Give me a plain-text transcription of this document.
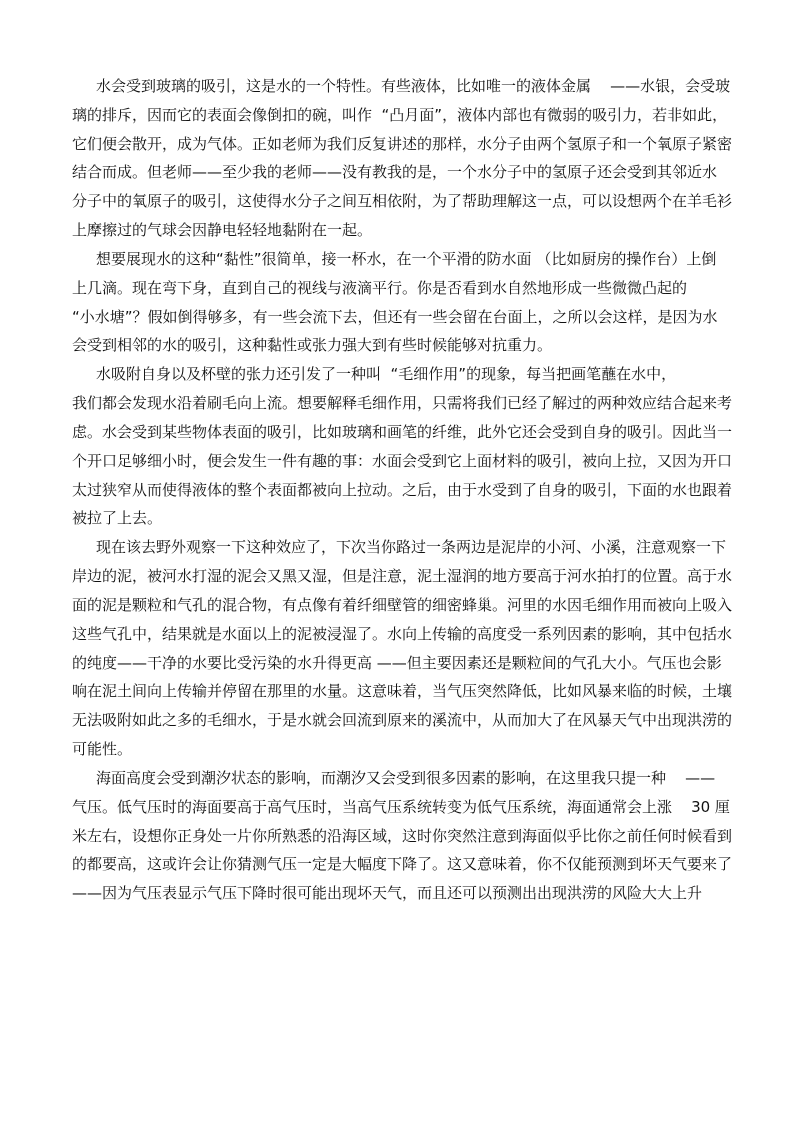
水会受到玻璃的吸引，这是水的一个特性。有些液体，比如唯一的液体金属    ——水银，会受玻
璃的排斥，因而它的表面会像倒扣的碗，叫作  “凸月面”，液体内部也有微弱的吸引力，若非如此，
它们便会散开，成为气体。正如老师为我们反复讲述的那样，水分子由两个氢原子和一个氧原子紧密
结合而成。但老师——至少我的老师——没有教我的是，一个水分子中的氢原子还会受到其邻近水
分子中的氧原子的吸引，这使得水分子之间互相依附，为了帮助理解这一点，可以设想两个在羊毛衫
上摩擦过的气球会因静电轻轻地黏附在一起。
想要展现水的这种“黏性”很简单，接一杯水，在一个平滑的防水面 （比如厨房的操作台）上倒
上几滴。现在弯下身，直到自己的视线与液滴平行。你是否看到水自然地形成一些微微凸起的
“小水塘”？假如倒得够多，有一些会流下去，但还有一些会留在台面上，之所以会这样，是因为水
会受到相邻的水的吸引，这种黏性或张力强大到有些时候能够对抗重力。
水吸附自身以及杯壁的张力还引发了一种叫  “毛细作用”的现象，每当把画笔蘸在水中，
我们都会发现水沿着刷毛向上流。想要解释毛细作用，只需将我们已经了解过的两种效应结合起来考
虑。水会受到某些物体表面的吸引，比如玻璃和画笔的纤维，此外它还会受到自身的吸引。因此当一
个开口足够细小时，便会发生一件有趣的事：水面会受到它上面材料的吸引，被向上拉，又因为开口
太过狭窄从而使得液体的整个表面都被向上拉动。之后，由于水受到了自身的吸引，下面的水也跟着
被拉了上去。
现在该去野外观察一下这种效应了，下次当你路过一条两边是泥岸的小河、小溪，注意观察一下
岸边的泥，被河水打湿的泥会又黑又湿，但是注意，泥土湿润的地方要高于河水拍打的位置。高于水
面的泥是颗粒和气孔的混合物，有点像有着纤细壁管的细密蜂巢。河里的水因毛细作用而被向上吸入
这些气孔中，结果就是水面以上的泥被浸湿了。水向上传输的高度受一系列因素的影响，其中包括水
的纯度——干净的水要比受污染的水升得更高 ——但主要因素还是颗粒间的气孔大小。气压也会影
响在泥土间向上传输并停留在那里的水量。这意味着，当气压突然降低，比如风暴来临的时候，土壤
无法吸附如此之多的毛细水，于是水就会回流到原来的溪流中，从而加大了在风暴天气中出现洪涝的
可能性。
海面高度会受到潮汐状态的影响，而潮汐又会受到很多因素的影响，在这里我只提一种    ——
气压。低气压时的海面要高于高气压时，当高气压系统转变为低气压系统，海面通常会上涨    30 厘
米左右，设想你正身处一片你所熟悉的沿海区域，这时你突然注意到海面似乎比你之前任何时候看到
的都要高，这或许会让你猜测气压一定是大幅度下降了。这又意味着，你不仅能预测到坏天气要来了
——因为气压表显示气压下降时很可能出现坏天气，而且还可以预测出出现洪涝的风险大大上升
